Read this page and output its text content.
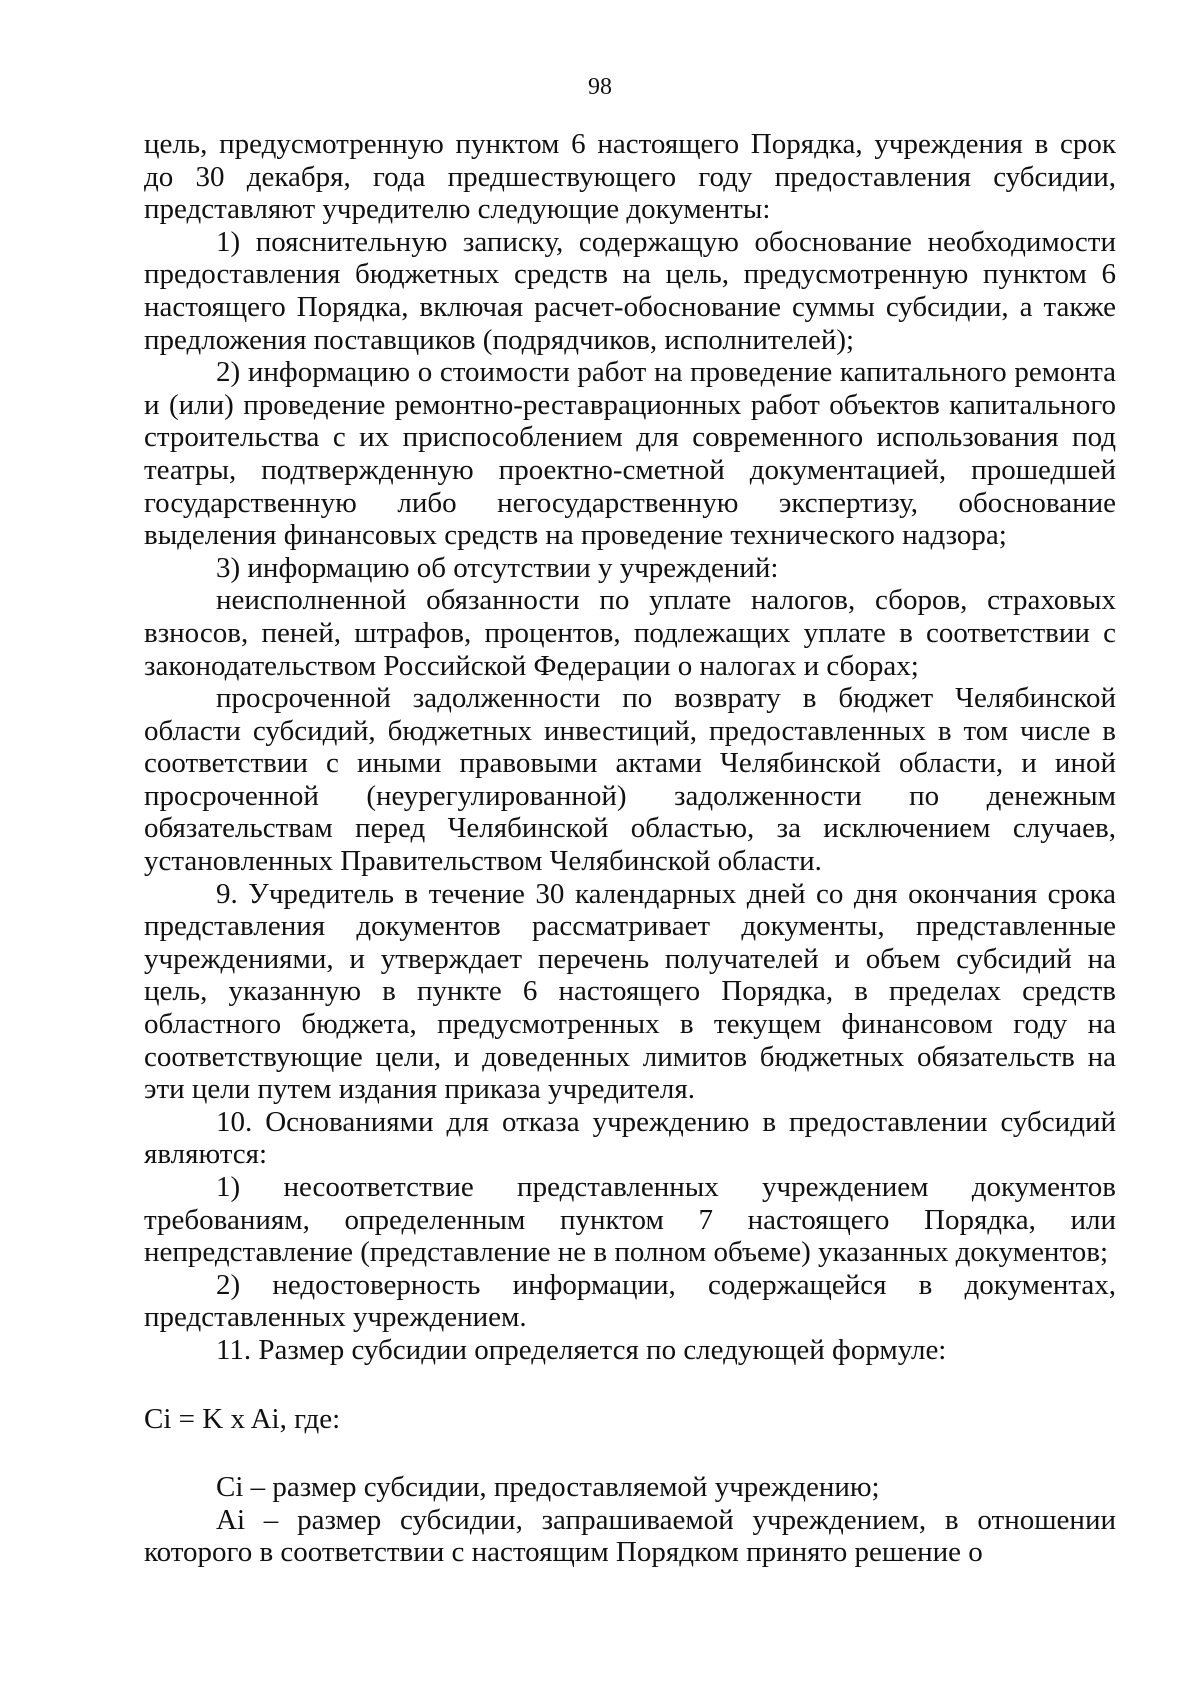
98

цель, предусмотренную пунктом 6 настоящего Порядка, учреждения в срок до 30 декабря, года предшествующего году предоставления субсидии, представляют учредителю следующие документы:

1) пояснительную записку, содержащую обоснование необходимости предоставления бюджетных средств на цель, предусмотренную пунктом 6 настоящего Порядка, включая расчет-обоснование суммы субсидии, а также предложения поставщиков (подрядчиков, исполнителей);

2) информацию о стоимости работ на проведение капитального ремонта и (или) проведение ремонтно-реставрационных работ объектов капитального строительства с их приспособлением для современного использования под театры, подтвержденную проектно-сметной документацией, прошедшей государственную либо негосударственную экспертизу, обоснование выделения финансовых средств на проведение технического надзора;

3) информацию об отсутствии у учреждений:

неисполненной обязанности по уплате налогов, сборов, страховых взносов, пеней, штрафов, процентов, подлежащих уплате в соответствии с законодательством Российской Федерации о налогах и сборах;

просроченной задолженности по возврату в бюджет Челябинской области субсидий, бюджетных инвестиций, предоставленных в том числе в соответствии с иными правовыми актами Челябинской области, и иной просроченной (неурегулированной) задолженности по денежным обязательствам перед Челябинской областью, за исключением случаев, установленных Правительством Челябинской области.

9. Учредитель в течение 30 календарных дней со дня окончания срока представления документов рассматривает документы, представленные учреждениями, и утверждает перечень получателей и объем субсидий на цель, указанную в пункте 6 настоящего Порядка, в пределах средств областного бюджета, предусмотренных в текущем финансовом году на соответствующие цели, и доведенных лимитов бюджетных обязательств на эти цели путем издания приказа учредителя.

10. Основаниями для отказа учреждению в предоставлении субсидий являются:

1) несоответствие представленных учреждением документов требованиям, определенным пунктом 7 настоящего Порядка, или непредставление (представление не в полном объеме) указанных документов;

2) недостоверность информации, содержащейся в документах, представленных учреждением.

11. Размер субсидии определяется по следующей формуле:

Ci = K x Ai, где:

Ci – размер субсидии, предоставляемой учреждению;

Ai – размер субсидии, запрашиваемой учреждением, в отношении которого в соответствии с настоящим Порядком принято решение о
